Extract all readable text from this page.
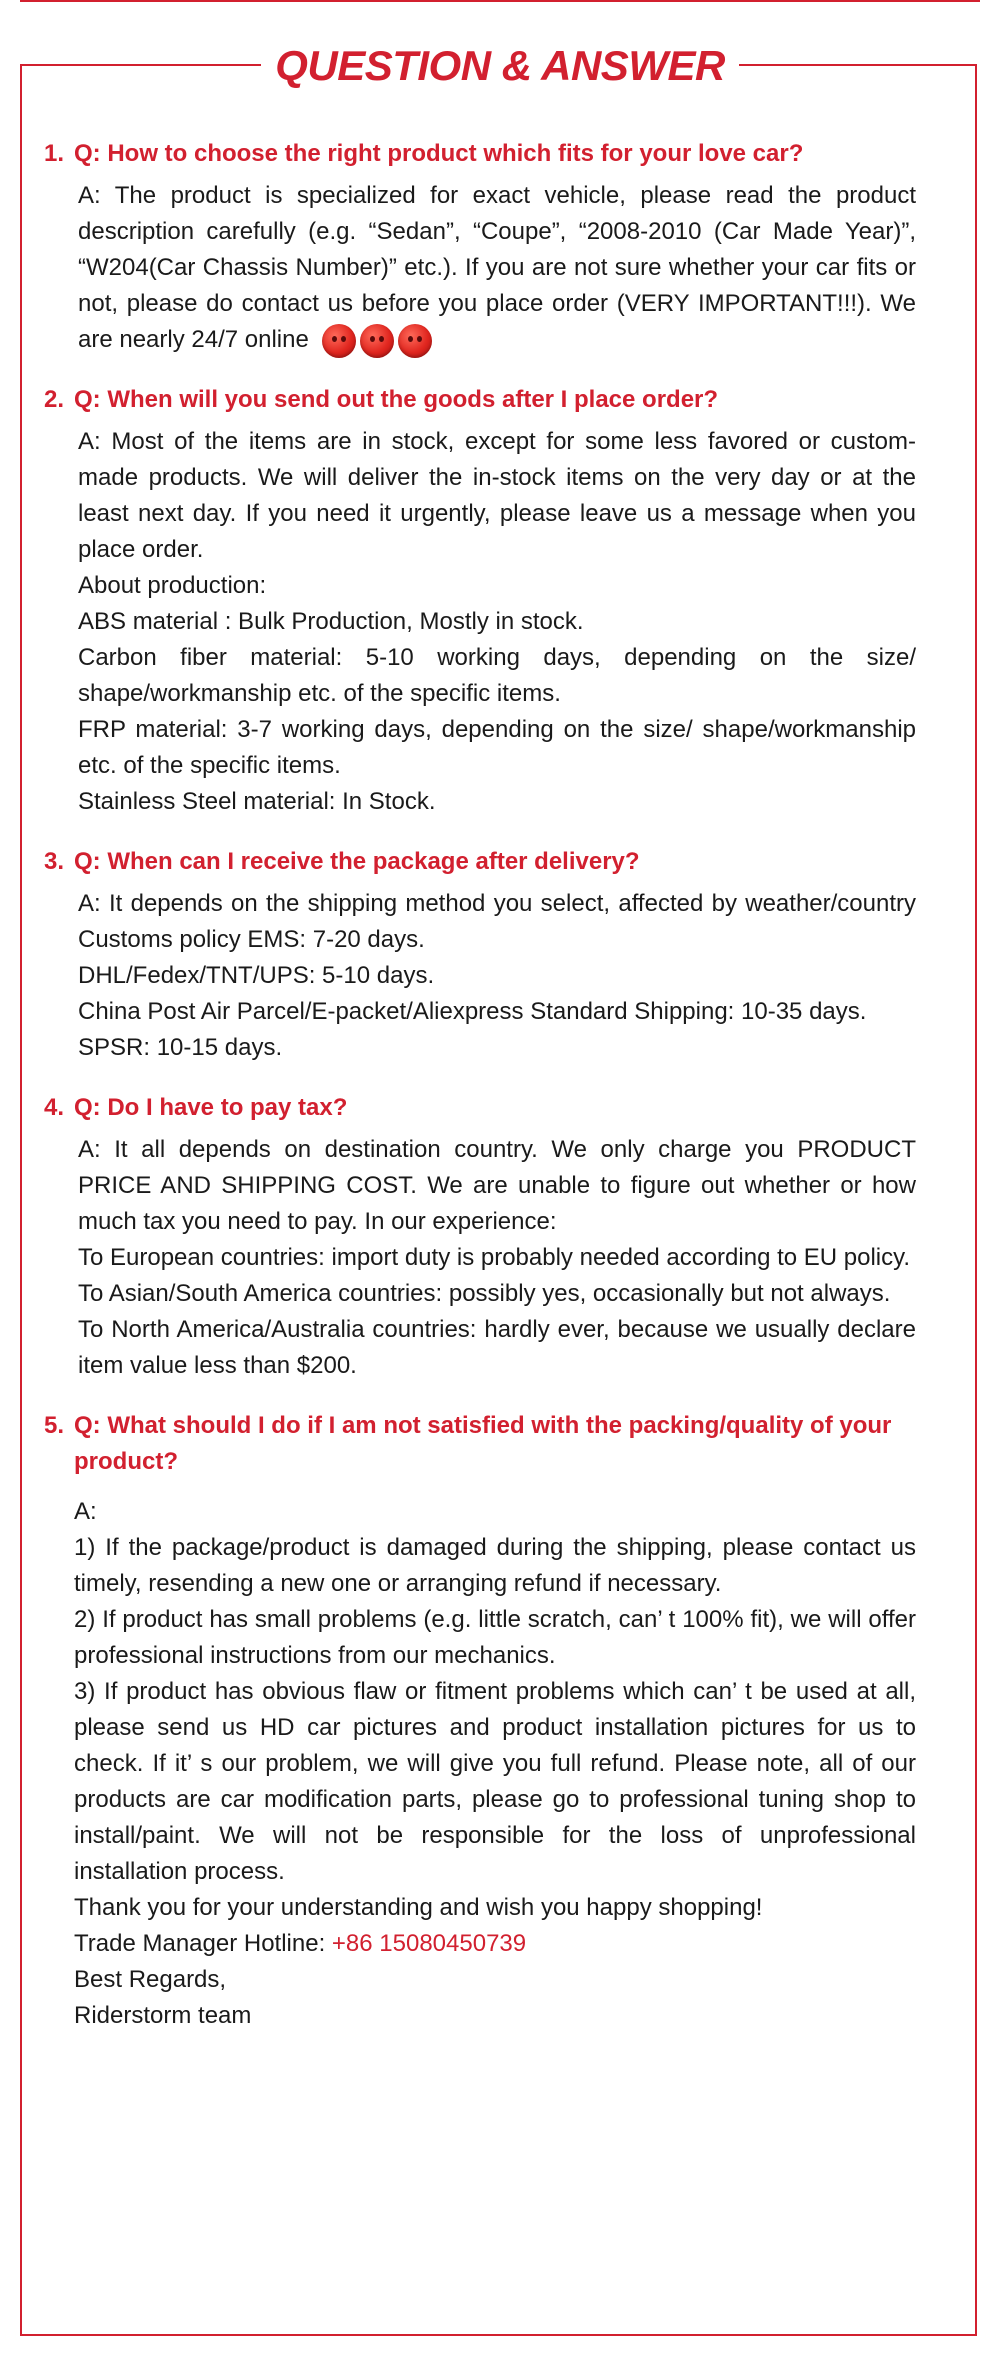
QUESTION & ANSWER
1. Q: How to choose the right product which fits for your love car?

A: The product is specialized for exact vehicle, please read the product description carefully (e.g. “Sedan”, “Coupe”, “2008-2010 (Car Made Year)”, “W204(Car Chassis Number)” etc.). If you are not sure whether your car fits or not, please do contact us before you place order (VERY IMPORTANT!!!). We are nearly 24/7 online

2. Q: When will you send out the goods after I place order?

A: Most of the items are in stock, except for some less favored or custom-made products. We will deliver the in-stock items on the very day or at the least next day. If you need it urgently, please leave us a message when you place order.

About production:

ABS material : Bulk Production, Mostly in stock.

Carbon fiber material: 5-10 working days, depending on the size/ shape/workmanship etc. of the specific items.

FRP material: 3-7 working days, depending on the size/ shape/workmanship etc. of the specific items.

Stainless Steel material: In Stock.

3. Q: When can I receive the package after delivery?

A: It depends on the shipping method you select, affected by weather/country Customs policy EMS: 7-20 days.

DHL/Fedex/TNT/UPS: 5-10 days.

China Post Air Parcel/E-packet/Aliexpress Standard Shipping: 10-35 days.

SPSR: 10-15 days.

4. Q: Do I have to pay tax?

A: It all depends on destination country. We only charge you PRODUCT PRICE AND SHIPPING COST. We are unable to figure out whether or how much tax you need to pay. In our experience:

To European countries: import duty is probably needed according to EU policy.

To Asian/South America countries: possibly yes, occasionally but not always.

To North America/Australia countries: hardly ever, because we usually declare item value less than $200.

5. Q: What should I do if I am not satisfied with the packing/quality of your product?

A:

1) If the package/product is damaged during the shipping, please contact us timely, resending a new one or arranging refund if necessary.

2) If product has small problems (e.g. little scratch, can’ t 100% fit), we will offer professional instructions from our mechanics.

3) If product has obvious flaw or fitment problems which can’ t be used at all, please send us HD car pictures and product installation pictures for us to check. If it’ s our problem, we will give you full refund. Please note, all of our products are car modification parts, please go to professional tuning shop to install/paint. We will not be responsible for the loss of unprofessional installation process.

Thank you for your understanding and wish you happy shopping!

Trade Manager Hotline: +86 15080450739

Best Regards,

Riderstorm team
